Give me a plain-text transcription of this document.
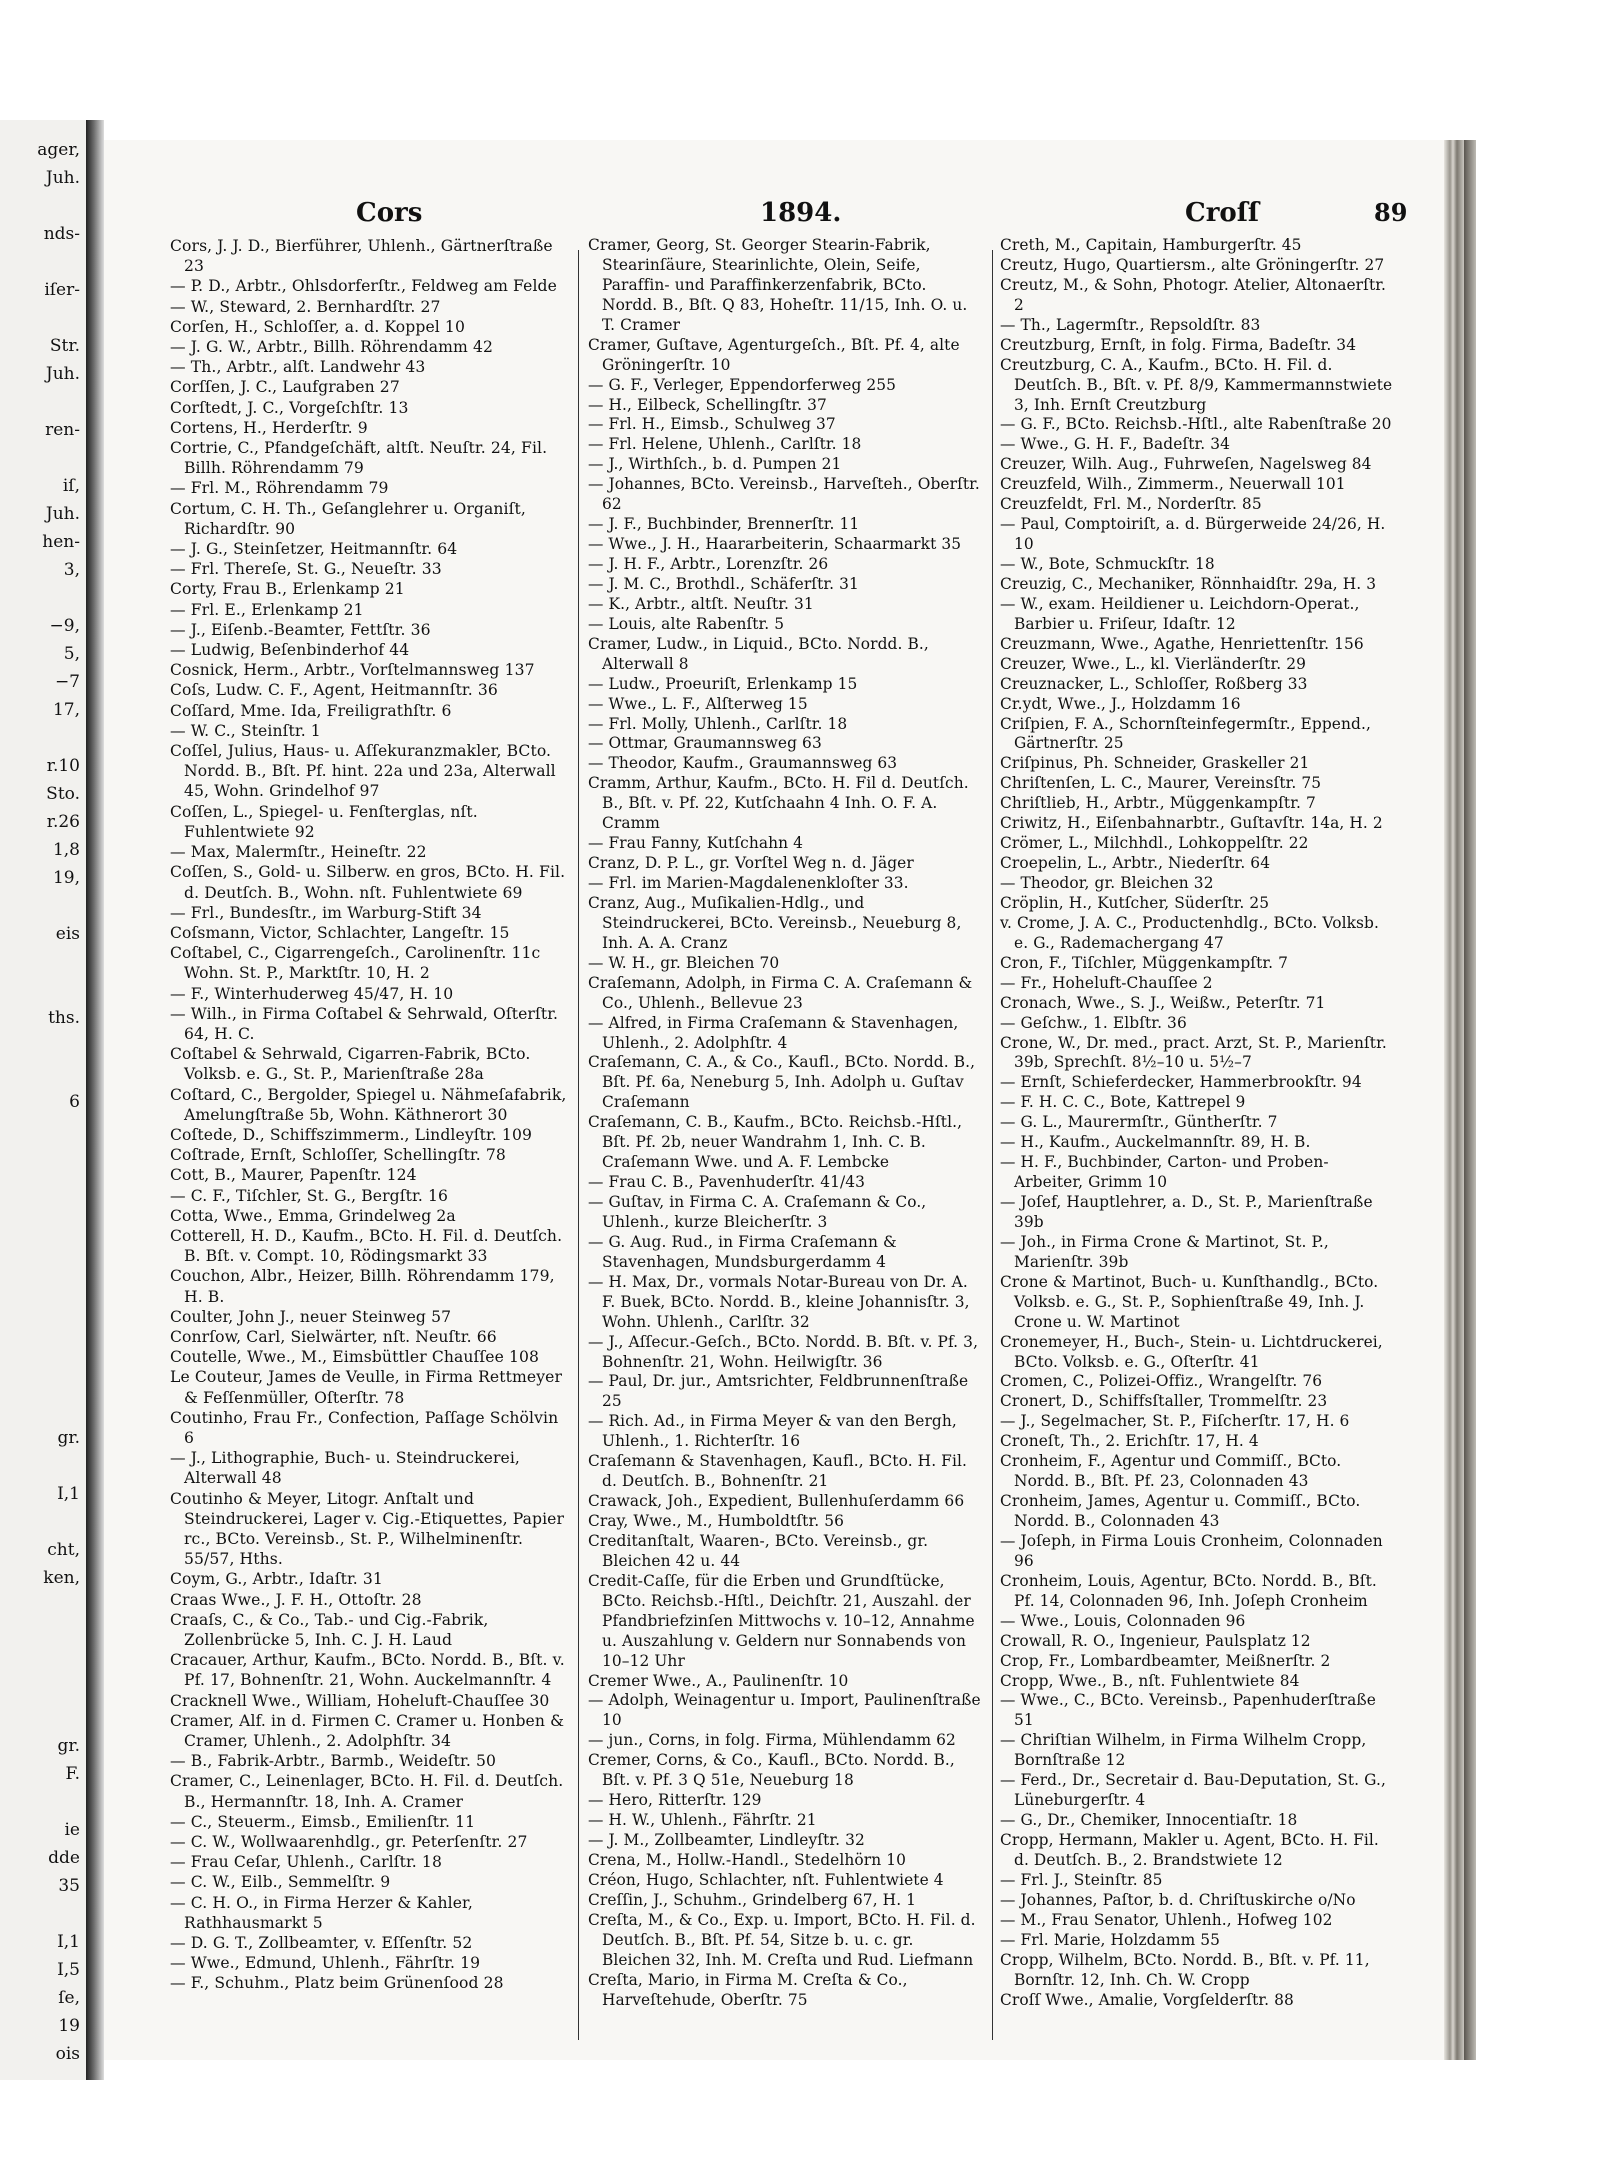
ager,
Juh.
nds-
iſer-
Str.
Juh.
ren-
iſ,
Juh.
hen-
3,
−9,
5,
−7
17,
r.10
Sto.
r.26
1,8
19,
eis
ths.
6
gr.
I,1
cht,
ken,
gr.
F.
ie
dde
35
I,1
I,5
ſe,
19
ois
Cors	1894.	Croſſ	89

Cors, J. J. D., Bierführer, Uhlenh., Gärtnerſtraße 23

— P. D., Arbtr., Ohlsdorferſtr., Feldweg am Felde

— W., Steward, 2. Bernhardſtr. 27

Corſen, H., Schloſſer, a. d. Koppel 10

— J. G. W., Arbtr., Billh. Röhrendamm 42

— Th., Arbtr., alſt. Landwehr 43

Corſſen, J. C., Laufgraben 27

Corſtedt, J. C., Vorgeſchſtr. 13

Cortens, H., Herderſtr. 9

Cortrie, C., Pfandgeſchäft, altſt. Neuſtr. 24, Fil. Billh. Röhrendamm 79

— Frl. M., Röhrendamm 79

Cortum, C. H. Th., Geſanglehrer u. Organiſt, Richardſtr. 90

— J. G., Steinſetzer, Heitmannſtr. 64

— Frl. Thereſe, St. G., Neueſtr. 33

Corty, Frau B., Erlenkamp 21

— Frl. E., Erlenkamp 21

— J., Eiſenb.-Beamter, Fettſtr. 36

— Ludwig, Beſenbinderhof 44

Cosnick, Herm., Arbtr., Vorſtelmannsweg 137

Coſs, Ludw. C. F., Agent, Heitmannſtr. 36

Coſſard, Mme. Ida, Freiligrathſtr. 6

— W. C., Steinſtr. 1

Coſſel, Julius, Haus- u. Aſſekuranzmakler, BCto. Nordd. B., Bſt. Pf. hint. 22a und 23a, Alterwall 45, Wohn. Grindelhof 97

Coſſen, L., Spiegel- u. Fenſterglas, nſt. Fuhlentwiete 92

— Max, Malermſtr., Heineſtr. 22

Coſſen, S., Gold- u. Silberw. en gros, BCto. H. Fil. d. Deutſch. B., Wohn. nſt. Fuhlentwiete 69

— Frl., Bundesſtr., im Warburg-Stift 34

Coſsmann, Victor, Schlachter, Langeſtr. 15

Coſtabel, C., Cigarrengeſch., Carolinenſtr. 11c Wohn. St. P., Marktſtr. 10, H. 2

— F., Winterhuderweg 45/47, H. 10

— Wilh., in Firma Coſtabel & Sehrwald, Oſterſtr. 64, H. C.

Coſtabel & Sehrwald, Cigarren-Fabrik, BCto. Volksb. e. G., St. P., Marienſtraße 28a

Coſtard, C., Bergolder, Spiegel u. Nähmeſafabrik, Amelungſtraße 5b, Wohn. Käthnerort 30

Coſtede, D., Schiffszimmerm., Lindleyſtr. 109

Coſtrade, Ernſt, Schloſſer, Schellingſtr. 78

Cott, B., Maurer, Papenſtr. 124

— C. F., Tiſchler, St. G., Bergſtr. 16

Cotta, Wwe., Emma, Grindelweg 2a

Cotterell, H. D., Kaufm., BCto. H. Fil. d. Deutſch. B. Bſt. v. Compt. 10, Rödingsmarkt 33

Couchon, Albr., Heizer, Billh. Röhrendamm 179, H. B.

Coulter, John J., neuer Steinweg 57

Conrſow, Carl, Sielwärter, nſt. Neuſtr. 66

Coutelle, Wwe., M., Eimsbüttler Chauſſee 108

Le Couteur, James de Veulle, in Firma Rettmeyer & Feſſenmüller, Oſterſtr. 78

Coutinho, Frau Fr., Confection, Paſſage Schölvin 6

— J., Lithographie, Buch- u. Steindruckerei, Alterwall 48

Coutinho & Meyer, Litogr. Anſtalt und Steindruckerei, Lager v. Cig.-Etiquettes, Papier rc., BCto. Vereinsb., St. P., Wilhelminenſtr. 55/57, Hths.

Coym, G., Arbtr., Idaſtr. 31

Craas Wwe., J. F. H., Ottoſtr. 28

Craaſs, C., & Co., Tab.- und Cig.-Fabrik, Zollenbrücke 5, Inh. C. J. H. Laud

Cracauer, Arthur, Kaufm., BCto. Nordd. B., Bſt. v. Pf. 17, Bohnenſtr. 21, Wohn. Auckelmannſtr. 4

Cracknell Wwe., William, Hoheluft-Chauſſee 30

Cramer, Alf. in d. Firmen C. Cramer u. Honben & Cramer, Uhlenh., 2. Adolphſtr. 34

— B., Fabrik-Arbtr., Barmb., Weideſtr. 50

Cramer, C., Leinenlager, BCto. H. Fil. d. Deutſch. B., Hermannſtr. 18, Inh. A. Cramer

— C., Steuerm., Eimsb., Emilienſtr. 11

— C. W., Wollwaarenhdlg., gr. Peterſenſtr. 27

— Frau Ceſar, Uhlenh., Carlſtr. 18

— C. W., Eilb., Semmelſtr. 9

— C. H. O., in Firma Herzer & Kahler, Rathhausmarkt 5

— D. G. T., Zollbeamter, v. Eſſenſtr. 52

— Wwe., Edmund, Uhlenh., Fährſtr. 19

— F., Schuhm., Platz beim Grünenſood 28

Cramer, Georg, St. Georger Stearin-Fabrik, Stearinſäure, Stearinlichte, Olein, Seife, Paraffin- und Paraffinkerzenfabrik, BCto. Nordd. B., Bſt. Q 83, Hoheſtr. 11/15, Inh. O. u. T. Cramer

Cramer, Guſtave, Agenturgeſch., Bſt. Pf. 4, alte Gröningerſtr. 10

— G. F., Verleger, Eppendorferweg 255

— H., Eilbeck, Schellingſtr. 37

— Frl. H., Eimsb., Schulweg 37

— Frl. Helene, Uhlenh., Carlſtr. 18

— J., Wirthſch., b. d. Pumpen 21

— Johannes, BCto. Vereinsb., Harveſteh., Oberſtr. 62

— J. F., Buchbinder, Brennerſtr. 11

— Wwe., J. H., Haararbeiterin, Schaarmarkt 35

— J. H. F., Arbtr., Lorenzſtr. 26

— J. M. C., Brothdl., Schäferſtr. 31

— K., Arbtr., altſt. Neuſtr. 31

— Louis, alte Rabenſtr. 5

Cramer, Ludw., in Liquid., BCto. Nordd. B., Alterwall 8

— Ludw., Proeuriſt, Erlenkamp 15

— Wwe., L. F., Alſterweg 15

— Frl. Molly, Uhlenh., Carlſtr. 18

— Ottmar, Graumannsweg 63

— Theodor, Kaufm., Graumannsweg 63

Cramm, Arthur, Kaufm., BCto. H. Fil d. Deutſch. B., Bſt. v. Pf. 22, Kutſchaahn 4 Inh. O. F. A. Cramm

— Frau Fanny, Kutſchahn 4

Cranz, D. P. L., gr. Vorſtel Weg n. d. Jäger

— Frl. im Marien-Magdalenenkloſter 33.

Cranz, Aug., Muſikalien-Hdlg., und Steindruckerei, BCto. Vereinsb., Neueburg 8, Inh. A. A. Cranz

— W. H., gr. Bleichen 70

Craſemann, Adolph, in Firma C. A. Craſemann & Co., Uhlenh., Bellevue 23

— Alfred, in Firma Craſemann & Stavenhagen, Uhlenh., 2. Adolphſtr. 4

Craſemann, C. A., & Co., Kaufl., BCto. Nordd. B., Bſt. Pf. 6a, Neneburg 5, Inh. Adolph u. Guſtav Craſemann

Craſemann, C. B., Kaufm., BCto. Reichsb.-Hſtl., Bſt. Pf. 2b, neuer Wandrahm 1, Inh. C. B. Craſemann Wwe. und A. F. Lembcke

— Frau C. B., Pavenhuderſtr. 41/43

— Guſtav, in Firma C. A. Craſemann & Co., Uhlenh., kurze Bleicherſtr. 3

— G. Aug. Rud., in Firma Craſemann & Stavenhagen, Mundsburgerdamm 4

— H. Max, Dr., vormals Notar-Bureau von Dr. A. F. Buek, BCto. Nordd. B., kleine Johannisſtr. 3, Wohn. Uhlenh., Carlſtr. 32

— J., Aſſecur.-Geſch., BCto. Nordd. B. Bſt. v. Pf. 3, Bohnenſtr. 21, Wohn. Heilwigſtr. 36

— Paul, Dr. jur., Amtsrichter, Feldbrunnenſtraße 25

— Rich. Ad., in Firma Meyer & van den Bergh, Uhlenh., 1. Richterſtr. 16

Craſemann & Stavenhagen, Kaufl., BCto. H. Fil. d. Deutſch. B., Bohnenſtr. 21

Crawack, Joh., Expedient, Bullenhuſerdamm 66

Cray, Wwe., M., Humboldtſtr. 56

Creditanſtalt, Waaren-, BCto. Vereinsb., gr. Bleichen 42 u. 44

Credit-Caſſe, für die Erben und Grundſtücke, BCto. Reichsb.-Hſtl., Deichſtr. 21, Auszahl. der Pfandbriefzinſen Mittwochs v. 10–12, Annahme u. Auszahlung v. Geldern nur Sonnabends von 10–12 Uhr

Cremer Wwe., A., Paulinenſtr. 10

— Adolph, Weinagentur u. Import, Paulinenſtraße 10

— jun., Corns, in folg. Firma, Mühlendamm 62

Cremer, Corns, & Co., Kaufl., BCto. Nordd. B., Bſt. v. Pf. 3 Q 51e, Neueburg 18

— Hero, Ritterſtr. 129

— H. W., Uhlenh., Fährſtr. 21

— J. M., Zollbeamter, Lindleyſtr. 32

Crena, M., Hollw.-Handl., Stedelhörn 10

Créon, Hugo, Schlachter, nſt. Fuhlentwiete 4

Creſſin, J., Schuhm., Grindelberg 67, H. 1

Creſta, M., & Co., Exp. u. Import, BCto. H. Fil. d. Deutſch. B., Bſt. Pf. 54, Sitze b. u. c. gr. Bleichen 32, Inh. M. Creſta und Rud. Liefmann

Creſta, Mario, in Firma M. Creſta & Co., Harveſtehude, Oberſtr. 75

Creth, M., Capitain, Hamburgerſtr. 45

Creutz, Hugo, Quartiersm., alte Gröningerſtr. 27

Creutz, M., & Sohn, Photogr. Atelier, Altonaerſtr. 2

— Th., Lagermſtr., Repsoldſtr. 83

Creutzburg, Ernſt, in folg. Firma, Badeſtr. 34

Creutzburg, C. A., Kaufm., BCto. H. Fil. d. Deutſch. B., Bſt. v. Pf. 8/9, Kammermannstwiete 3, Inh. Ernſt Creutzburg

— G. F., BCto. Reichsb.-Hſtl., alte Rabenſtraße 20

— Wwe., G. H. F., Badeſtr. 34

Creuzer, Wilh. Aug., Fuhrweſen, Nagelsweg 84

Creuzfeld, Wilh., Zimmerm., Neuerwall 101

Creuzfeldt, Frl. M., Norderſtr. 85

— Paul, Comptoiriſt, a. d. Bürgerweide 24/26, H. 10

— W., Bote, Schmuckſtr. 18

Creuzig, C., Mechaniker, Rönnhaidſtr. 29a, H. 3

— W., exam. Heildiener u. Leichdorn-Operat., Barbier u. Friſeur, Idaſtr. 12

Creuzmann, Wwe., Agathe, Henriettenſtr. 156

Creuzer, Wwe., L., kl. Vierländerſtr. 29

Creuznacker, L., Schloſſer, Roßberg 33

Cr.ydt, Wwe., J., Holzdamm 16

Criſpien, F. A., Schornſteinfegermſtr., Eppend., Gärtnerſtr. 25

Criſpinus, Ph. Schneider, Graskeller 21

Chriſtenſen, L. C., Maurer, Vereinsſtr. 75

Chriſtlieb, H., Arbtr., Müggenkampſtr. 7

Criwitz, H., Eiſenbahnarbtr., Guſtavſtr. 14a, H. 2

Crömer, L., Milchhdl., Lohkoppelſtr. 22

Croepelin, L., Arbtr., Niederſtr. 64

— Theodor, gr. Bleichen 32

Cröplin, H., Kutſcher, Süderſtr. 25

v. Crome, J. A. C., Productenhdlg., BCto. Volksb. e. G., Rademachergang 47

Cron, F., Tiſchler, Müggenkampſtr. 7

— Fr., Hoheluft-Chauſſee 2

Cronach, Wwe., S. J., Weißw., Peterſtr. 71

— Geſchw., 1. Elbſtr. 36

Crone, W., Dr. med., pract. Arzt, St. P., Marienſtr. 39b, Sprechſt. 8½–10 u. 5½–7

— Ernſt, Schieferdecker, Hammerbrookſtr. 94

— F. H. C. C., Bote, Kattrepel 9

— G. L., Maurermſtr., Güntherſtr. 7

— H., Kaufm., Auckelmannſtr. 89, H. B.

— H. F., Buchbinder, Carton- und Proben-Arbeiter, Grimm 10

— Joſef, Hauptlehrer, a. D., St. P., Marienſtraße 39b

— Joh., in Firma Crone & Martinot, St. P., Marienſtr. 39b

Crone & Martinot, Buch- u. Kunſthandlg., BCto. Volksb. e. G., St. P., Sophienſtraße 49, Inh. J. Crone u. W. Martinot

Cronemeyer, H., Buch-, Stein- u. Lichtdruckerei, BCto. Volksb. e. G., Oſterſtr. 41

Cromen, C., Polizei-Offiz., Wrangelſtr. 76

Cronert, D., Schiffsſtaller, Trommelſtr. 23

— J., Segelmacher, St. P., Fiſcherſtr. 17, H. 6

Croneſt, Th., 2. Erichſtr. 17, H. 4

Cronheim, F., Agentur und Commiſſ., BCto. Nordd. B., Bſt. Pf. 23, Colonnaden 43

Cronheim, James, Agentur u. Commiſſ., BCto. Nordd. B., Colonnaden 43

— Joſeph, in Firma Louis Cronheim, Colonnaden 96

Cronheim, Louis, Agentur, BCto. Nordd. B., Bſt. Pf. 14, Colonnaden 96, Inh. Joſeph Cronheim

— Wwe., Louis, Colonnaden 96

Crowall, R. O., Ingenieur, Paulsplatz 12

Crop, Fr., Lombardbeamter, Meißnerſtr. 2

Cropp, Wwe., B., nſt. Fuhlentwiete 84

— Wwe., C., BCto. Vereinsb., Papenhuderſtraße 51

— Chriſtian Wilhelm, in Firma Wilhelm Cropp, Bornſtraße 12

— Ferd., Dr., Secretair d. Bau-Deputation, St. G., Lüneburgerſtr. 4

— G., Dr., Chemiker, Innocentiaſtr. 18

Cropp, Hermann, Makler u. Agent, BCto. H. Fil. d. Deutſch. B., 2. Brandstwiete 12

— Frl. J., Steinſtr. 85

— Johannes, Paſtor, b. d. Chriſtuskirche o/No

— M., Frau Senator, Uhlenh., Hofweg 102

— Frl. Marie, Holzdamm 55

Cropp, Wilhelm, BCto. Nordd. B., Bſt. v. Pf. 11, Bornſtr. 12, Inh. Ch. W. Cropp

Croſſ Wwe., Amalie, Vorgſelderſtr. 88
